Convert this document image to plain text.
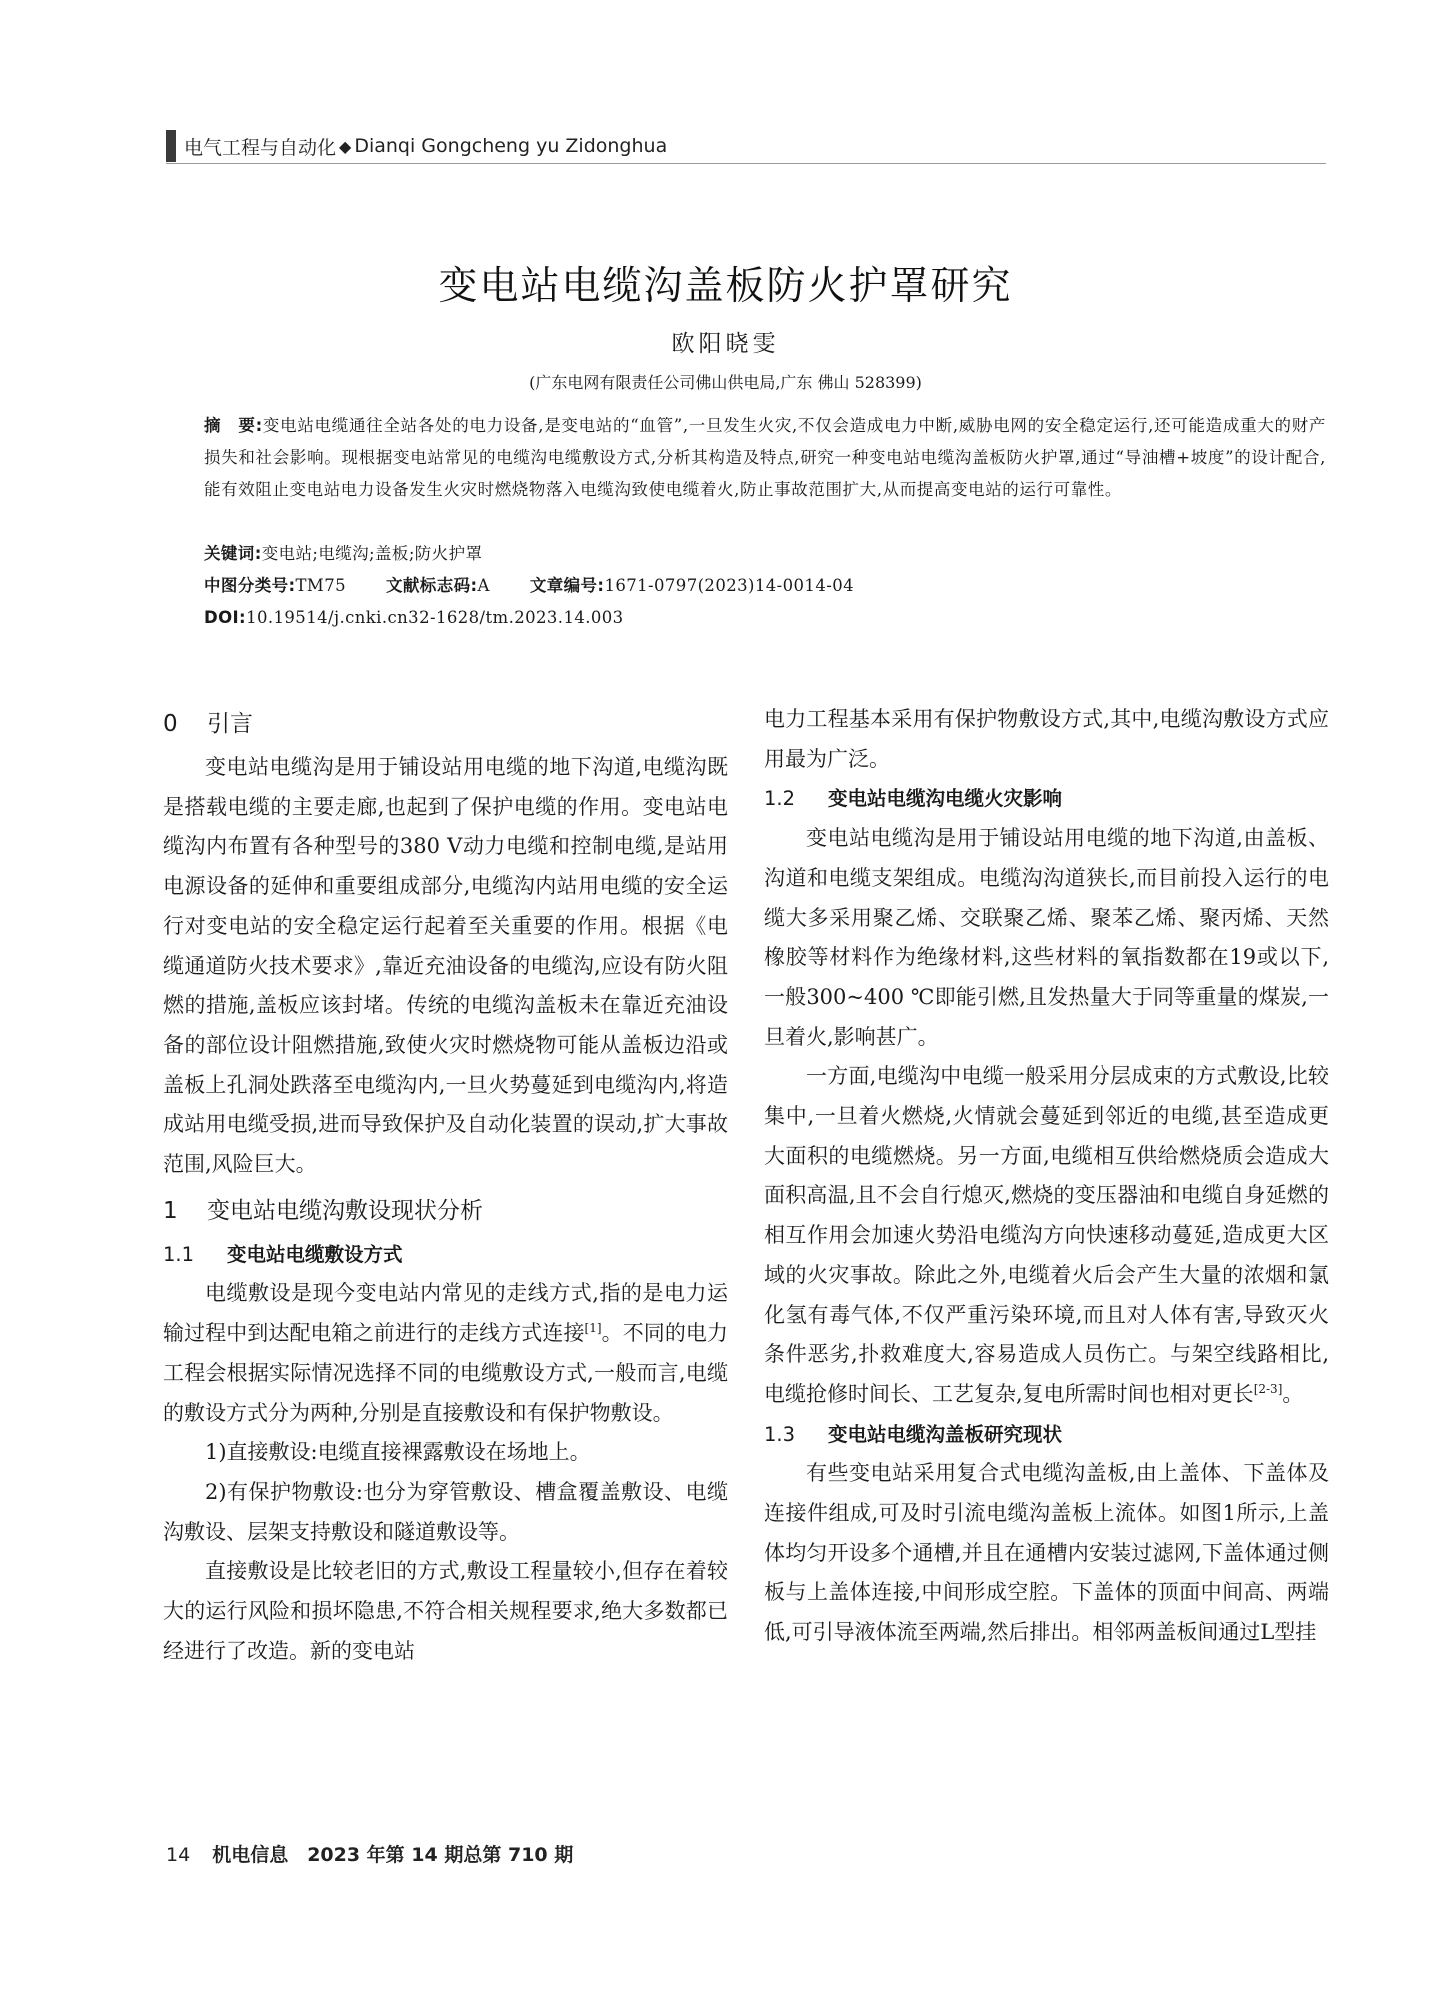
电气工程与自动化 ◆ Dianqi Gongcheng yu Zidonghua
变电站电缆沟盖板防火护罩研究
欧阳晓雯
(广东电网有限责任公司佛山供电局,广东 佛山 528399)
摘　要:变电站电缆通往全站各处的电力设备,是变电站的“血管”,一旦发生火灾,不仅会造成电力中断,威胁电网的安全稳定运行,还可能造成重大的财产损失和社会影响。现根据变电站常见的电缆沟电缆敷设方式,分析其构造及特点,研究一种变电站电缆沟盖板防火护罩,通过“导油槽+坡度”的设计配合,能有效阻止变电站电力设备发生火灾时燃烧物落入电缆沟致使电缆着火,防止事故范围扩大,从而提高变电站的运行可靠性。
关键词:变电站;电缆沟;盖板;防火护罩
中图分类号:TM75 文献标志码:A 文章编号:1671-0797(2023)14-0014-04
DOI:10.19514/j.cnki.cn32-1628/tm.2023.14.003
0 引言

变电站电缆沟是用于铺设站用电缆的地下沟道,电缆沟既是搭载电缆的主要走廊,也起到了保护电缆的作用。变电站电缆沟内布置有各种型号的380 V动力电缆和控制电缆,是站用电源设备的延伸和重要组成部分,电缆沟内站用电缆的安全运行对变电站的安全稳定运行起着至关重要的作用。根据《电缆通道防火技术要求》,靠近充油设备的电缆沟,应设有防火阻燃的措施,盖板应该封堵。传统的电缆沟盖板未在靠近充油设备的部位设计阻燃措施,致使火灾时燃烧物可能从盖板边沿或盖板上孔洞处跌落至电缆沟内,一旦火势蔓延到电缆沟内,将造成站用电缆受损,进而导致保护及自动化装置的误动,扩大事故范围,风险巨大。

1 变电站电缆沟敷设现状分析
1.1 变电站电缆敷设方式

电缆敷设是现今变电站内常见的走线方式,指的是电力运输过程中到达配电箱之前进行的走线方式连接[1]。不同的电力工程会根据实际情况选择不同的电缆敷设方式,一般而言,电缆的敷设方式分为两种,分别是直接敷设和有保护物敷设。

1)直接敷设:电缆直接裸露敷设在场地上。

2)有保护物敷设:也分为穿管敷设、槽盒覆盖敷设、电缆沟敷设、层架支持敷设和隧道敷设等。

直接敷设是比较老旧的方式,敷设工程量较小,但存在着较大的运行风险和损坏隐患,不符合相关规程要求,绝大多数都已经进行了改造。新的变电站

电力工程基本采用有保护物敷设方式,其中,电缆沟敷设方式应用最为广泛。

1.2 变电站电缆沟电缆火灾影响

变电站电缆沟是用于铺设站用电缆的地下沟道,由盖板、沟道和电缆支架组成。电缆沟沟道狭长,而目前投入运行的电缆大多采用聚乙烯、交联聚乙烯、聚苯乙烯、聚丙烯、天然橡胶等材料作为绝缘材料,这些材料的氧指数都在19或以下,一般300~400 ℃即能引燃,且发热量大于同等重量的煤炭,一旦着火,影响甚广。

一方面,电缆沟中电缆一般采用分层成束的方式敷设,比较集中,一旦着火燃烧,火情就会蔓延到邻近的电缆,甚至造成更大面积的电缆燃烧。另一方面,电缆相互供给燃烧质会造成大面积高温,且不会自行熄灭,燃烧的变压器油和电缆自身延燃的相互作用会加速火势沿电缆沟方向快速移动蔓延,造成更大区域的火灾事故。除此之外,电缆着火后会产生大量的浓烟和氯化氢有毒气体,不仅严重污染环境,而且对人体有害,导致灭火条件恶劣,扑救难度大,容易造成人员伤亡。与架空线路相比,电缆抢修时间长、工艺复杂,复电所需时间也相对更长[2-3]。

1.3 变电站电缆沟盖板研究现状

有些变电站采用复合式电缆沟盖板,由上盖体、下盖体及连接件组成,可及时引流电缆沟盖板上流体。如图1所示,上盖体均匀开设多个通槽,并且在通槽内安装过滤网,下盖体通过侧板与上盖体连接,中间形成空腔。下盖体的顶面中间高、两端低,可引导液体流至两端,然后排出。相邻两盖板间通过L型挂

14 机电信息　2023 年第 14 期总第 710 期
